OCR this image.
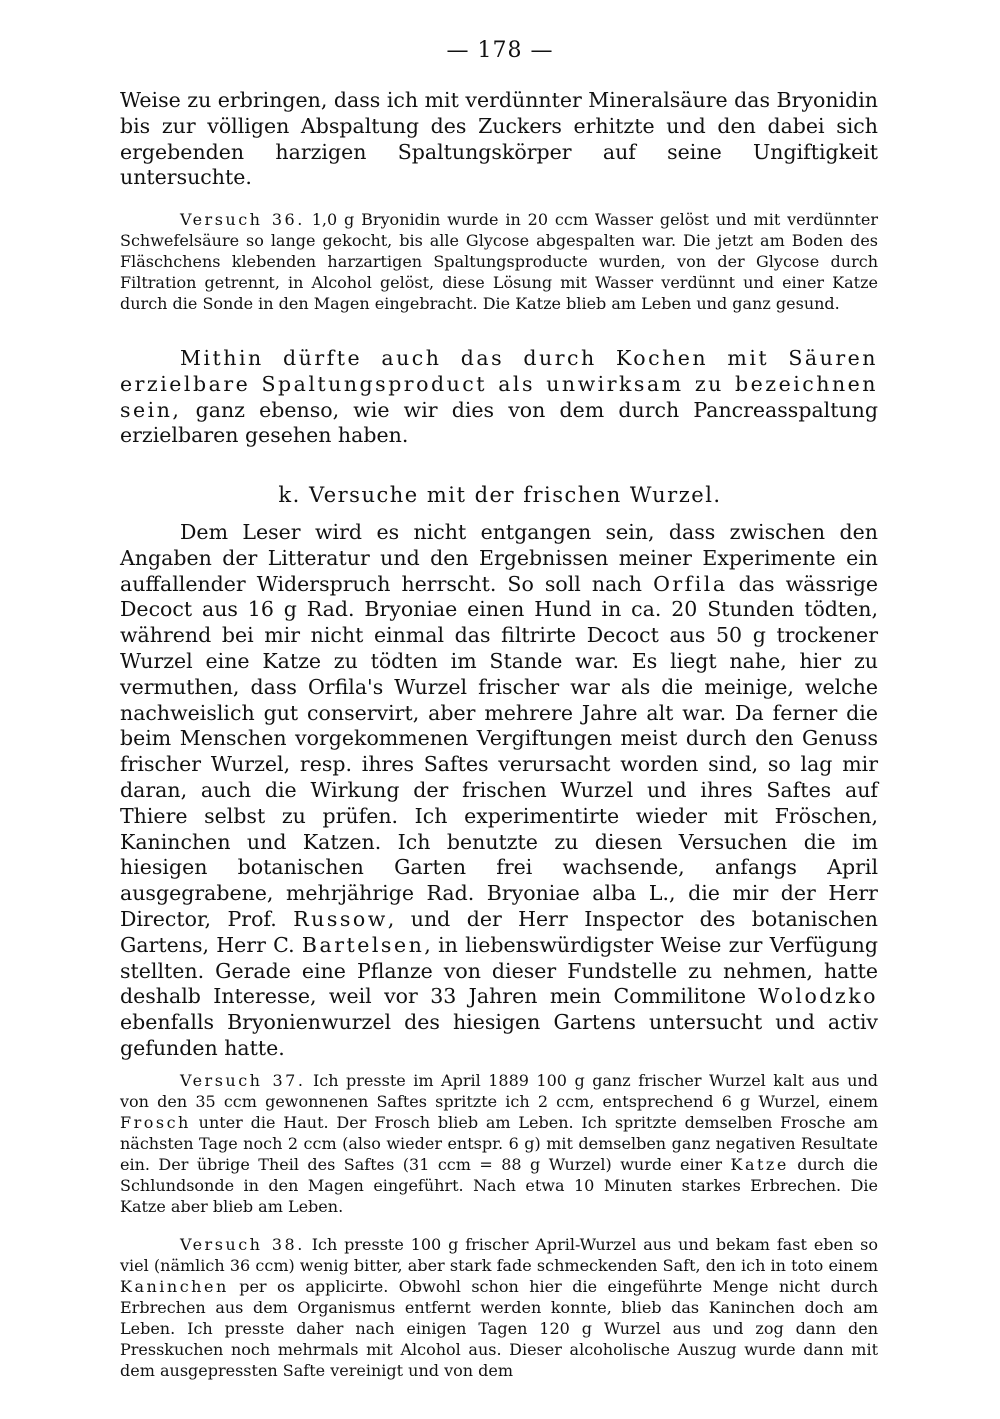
— 178 —

Weise zu erbringen, dass ich mit verdünnter Mineralsäure das Bryonidin bis zur völligen Abspaltung des Zuckers erhitzte und den dabei sich ergebenden harzigen Spaltungskörper auf seine Ungiftigkeit untersuchte.

Versuch 36. 1,0 g Bryonidin wurde in 20 ccm Wasser gelöst und mit verdünnter Schwefelsäure so lange gekocht, bis alle Glycose abgespalten war. Die jetzt am Boden des Fläschchens klebenden harzartigen Spaltungsproducte wurden, von der Glycose durch Filtration getrennt, in Alcohol gelöst, diese Lösung mit Wasser verdünnt und einer Katze durch die Sonde in den Magen eingebracht. Die Katze blieb am Leben und ganz gesund.

Mithin dürfte auch das durch Kochen mit Säuren erzielbare Spaltungsproduct als unwirksam zu bezeichnen sein, ganz ebenso, wie wir dies von dem durch Pancreasspaltung erzielbaren gesehen haben.

k. Versuche mit der frischen Wurzel.

Dem Leser wird es nicht entgangen sein, dass zwischen den Angaben der Litteratur und den Ergebnissen meiner Experimente ein auffallender Widerspruch herrscht. So soll nach Orfila das wässrige Decoct aus 16 g Rad. Bryoniae einen Hund in ca. 20 Stunden tödten, während bei mir nicht einmal das filtrirte Decoct aus 50 g trockener Wurzel eine Katze zu tödten im Stande war. Es liegt nahe, hier zu vermuthen, dass Orfila's Wurzel frischer war als die meinige, welche nachweislich gut conservirt, aber mehrere Jahre alt war. Da ferner die beim Menschen vorgekommenen Vergiftungen meist durch den Genuss frischer Wurzel, resp. ihres Saftes verursacht worden sind, so lag mir daran, auch die Wirkung der frischen Wurzel und ihres Saftes auf Thiere selbst zu prüfen. Ich experimentirte wieder mit Fröschen, Kaninchen und Katzen. Ich benutzte zu diesen Versuchen die im hiesigen botanischen Garten frei wachsende, anfangs April ausgegrabene, mehrjährige Rad. Bryoniae alba L., die mir der Herr Director, Prof. Russow, und der Herr Inspector des botanischen Gartens, Herr C. Bartelsen, in liebenswürdigster Weise zur Verfügung stellten. Gerade eine Pflanze von dieser Fundstelle zu nehmen, hatte deshalb Interesse, weil vor 33 Jahren mein Commilitone Wolodzko ebenfalls Bryonienwurzel des hiesigen Gartens untersucht und activ gefunden hatte.

Versuch 37. Ich presste im April 1889 100 g ganz frischer Wurzel kalt aus und von den 35 ccm gewonnenen Saftes spritzte ich 2 ccm, entsprechend 6 g Wurzel, einem Frosch unter die Haut. Der Frosch blieb am Leben. Ich spritzte demselben Frosche am nächsten Tage noch 2 ccm (also wieder entspr. 6 g) mit demselben ganz negativen Resultate ein. Der übrige Theil des Saftes (31 ccm = 88 g Wurzel) wurde einer Katze durch die Schlundsonde in den Magen eingeführt. Nach etwa 10 Minuten starkes Erbrechen. Die Katze aber blieb am Leben.

Versuch 38. Ich presste 100 g frischer April-Wurzel aus und bekam fast eben so viel (nämlich 36 ccm) wenig bitter, aber stark fade schmeckenden Saft, den ich in toto einem Kaninchen per os applicirte. Obwohl schon hier die eingeführte Menge nicht durch Erbrechen aus dem Organismus entfernt werden konnte, blieb das Kaninchen doch am Leben. Ich presste daher nach einigen Tagen 120 g Wurzel aus und zog dann den Presskuchen noch mehrmals mit Alcohol aus. Dieser alcoholische Auszug wurde dann mit dem ausgepressten Safte vereinigt und von dem
